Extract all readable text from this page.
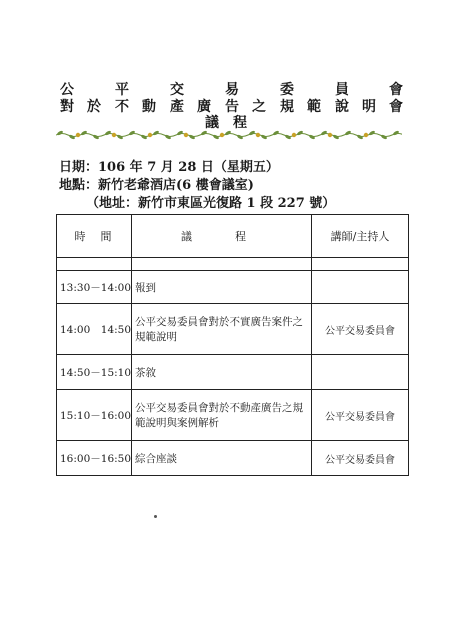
公	平	交	易	委	員	會
對 於 不 動 產 廣 告 之 規 範 說 明 會
議　程
日期：106 年 7 月 28 日（星期五）
地點：新竹老爺酒店(6 樓會議室)
（地址：新竹市東區光復路 1 段 227 號）
時　間	議　程	講師/主持人

13:30－14:00	報到	
14:00　14:50	公平交易委員會對於不實廣告案件之規範說明	公平交易委員會
14:50－15:10	茶敘	
15:10－16:00	公平交易委員會對於不動產廣告之規範說明與案例解析	公平交易委員會
16:00－16:50	綜合座談	公平交易委員會
